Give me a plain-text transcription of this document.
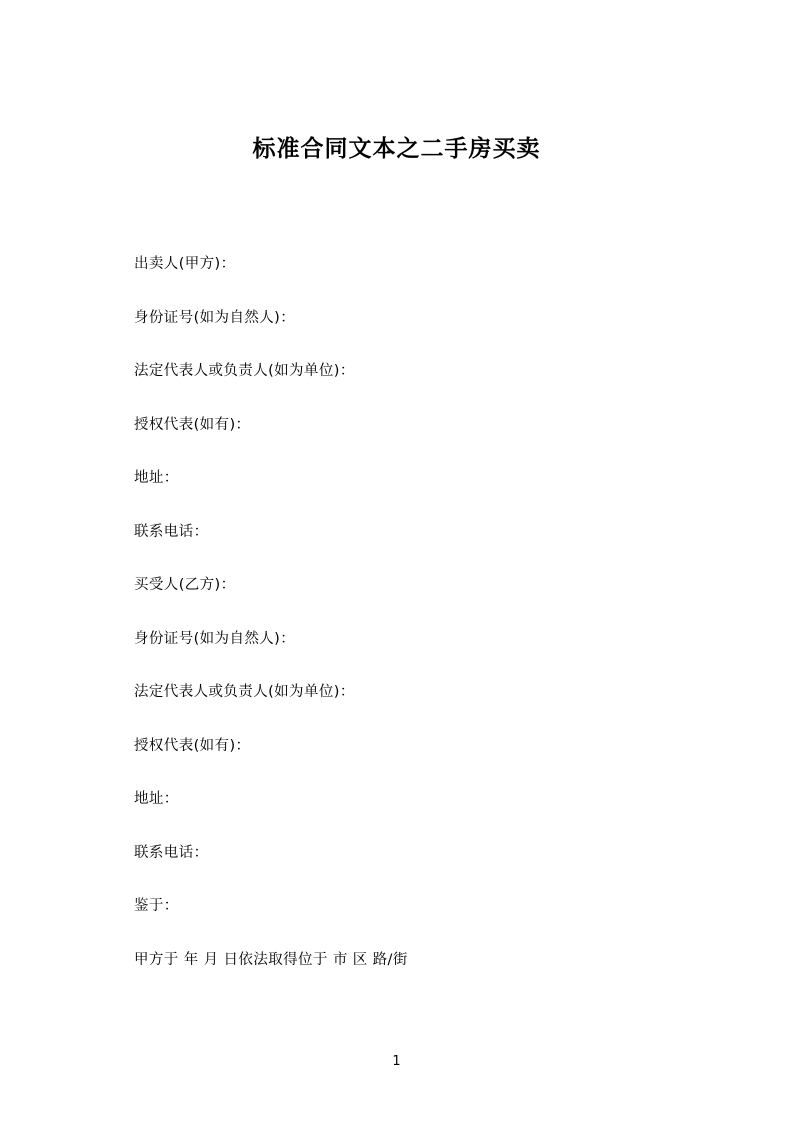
标准合同文本之二手房买卖

出卖人(甲方)：

身份证号(如为自然人)：

法定代表人或负责人(如为单位)：

授权代表(如有)：

地址：

联系电话：

买受人(乙方)：

身份证号(如为自然人)：

法定代表人或负责人(如为单位)：

授权代表(如有)：

地址：

联系电话：

鉴于：

甲方于 年 月 日依法取得位于 市 区 路/街

1
